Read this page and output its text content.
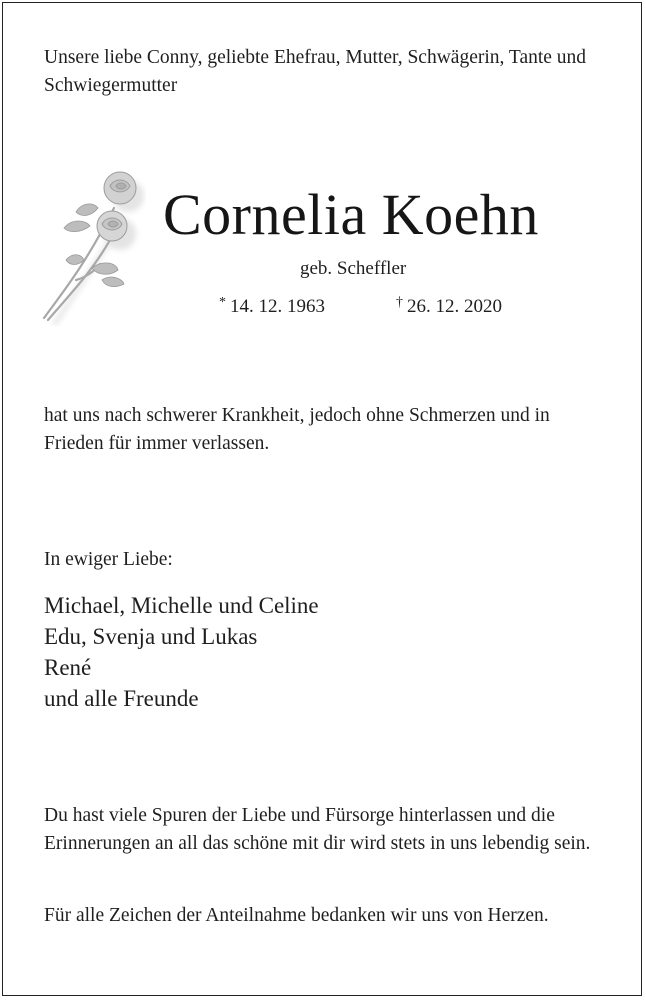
Unsere liebe Conny, geliebte Ehefrau, Mutter, Schwägerin, Tante und Schwiegermutter
Cornelia Koehn
geb. Scheffler
* 14. 12. 1963	† 26. 12. 2020
hat uns nach schwerer Krankheit, jedoch ohne Schmerzen und in Frieden für immer verlassen.
In ewiger Liebe:
Michael, Michelle und Celine
Edu, Svenja und Lukas
René
und alle Freunde
Du hast viele Spuren der Liebe und Fürsorge hinterlassen und die Erinnerungen an all das schöne mit dir wird stets in uns lebendig sein.
Für alle Zeichen der Anteilnahme bedanken wir uns von Herzen.
